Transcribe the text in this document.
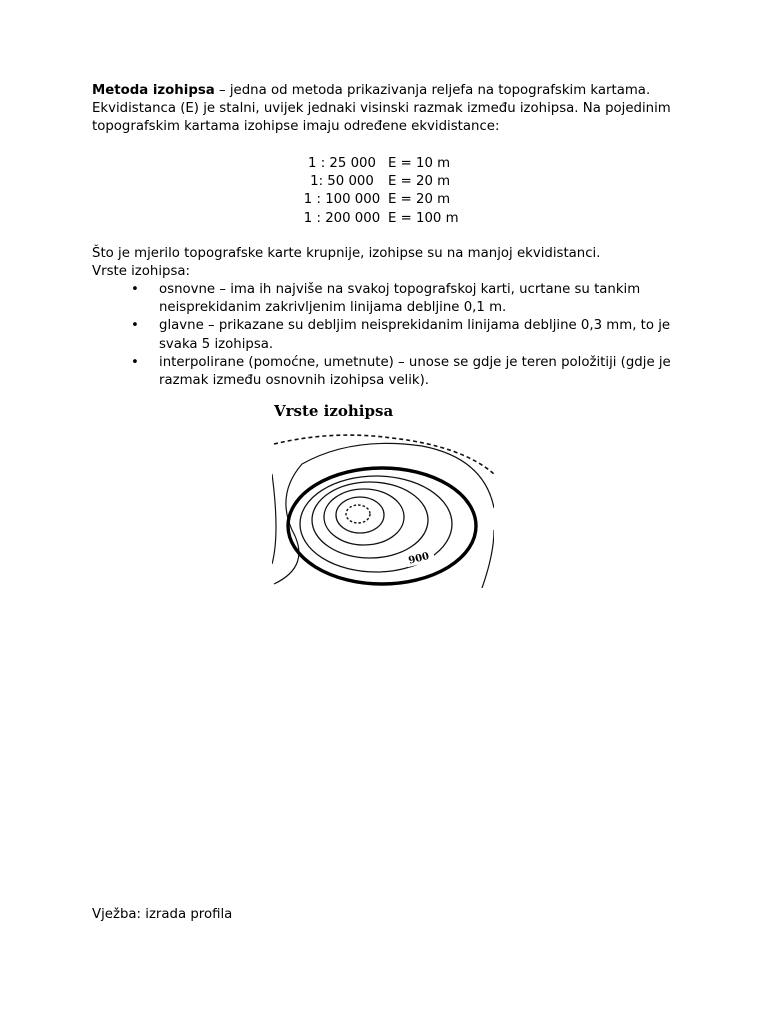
Metoda izohipsa – jedna od metoda prikazivanja reljefa na topografskim kartama. Ekvidistanca (E) je stalni, uvijek jednaki visinski razmak između izohipsa. Na pojedinim topografskim kartama izohipse imaju određene ekvidistance:
1 : 25 000 E = 10 m
1: 50 000	E = 20 m
1 : 100 000 E = 20 m
1 : 200 000 E = 100 m
Što je mjerilo topografske karte krupnije, izohipse su na manjoj ekvidistanci.
Vrste izohipsa:
•	osnovne – ima ih najviše na svakoj topografskoj karti, ucrtane su tankim neisprekidanim zakrivljenim linijama debljine 0,1 m.
•	glavne – prikazane su debljim neisprekidanim linijama debljine 0,3 mm, to je svaka 5 izohipsa.
•	interpolirane (pomoćne, umetnute) – unose se gdje je teren položitiji (gdje je razmak između osnovnih izohipsa velik).
Vrste izohipsa
900
Vježba: izrada profila
